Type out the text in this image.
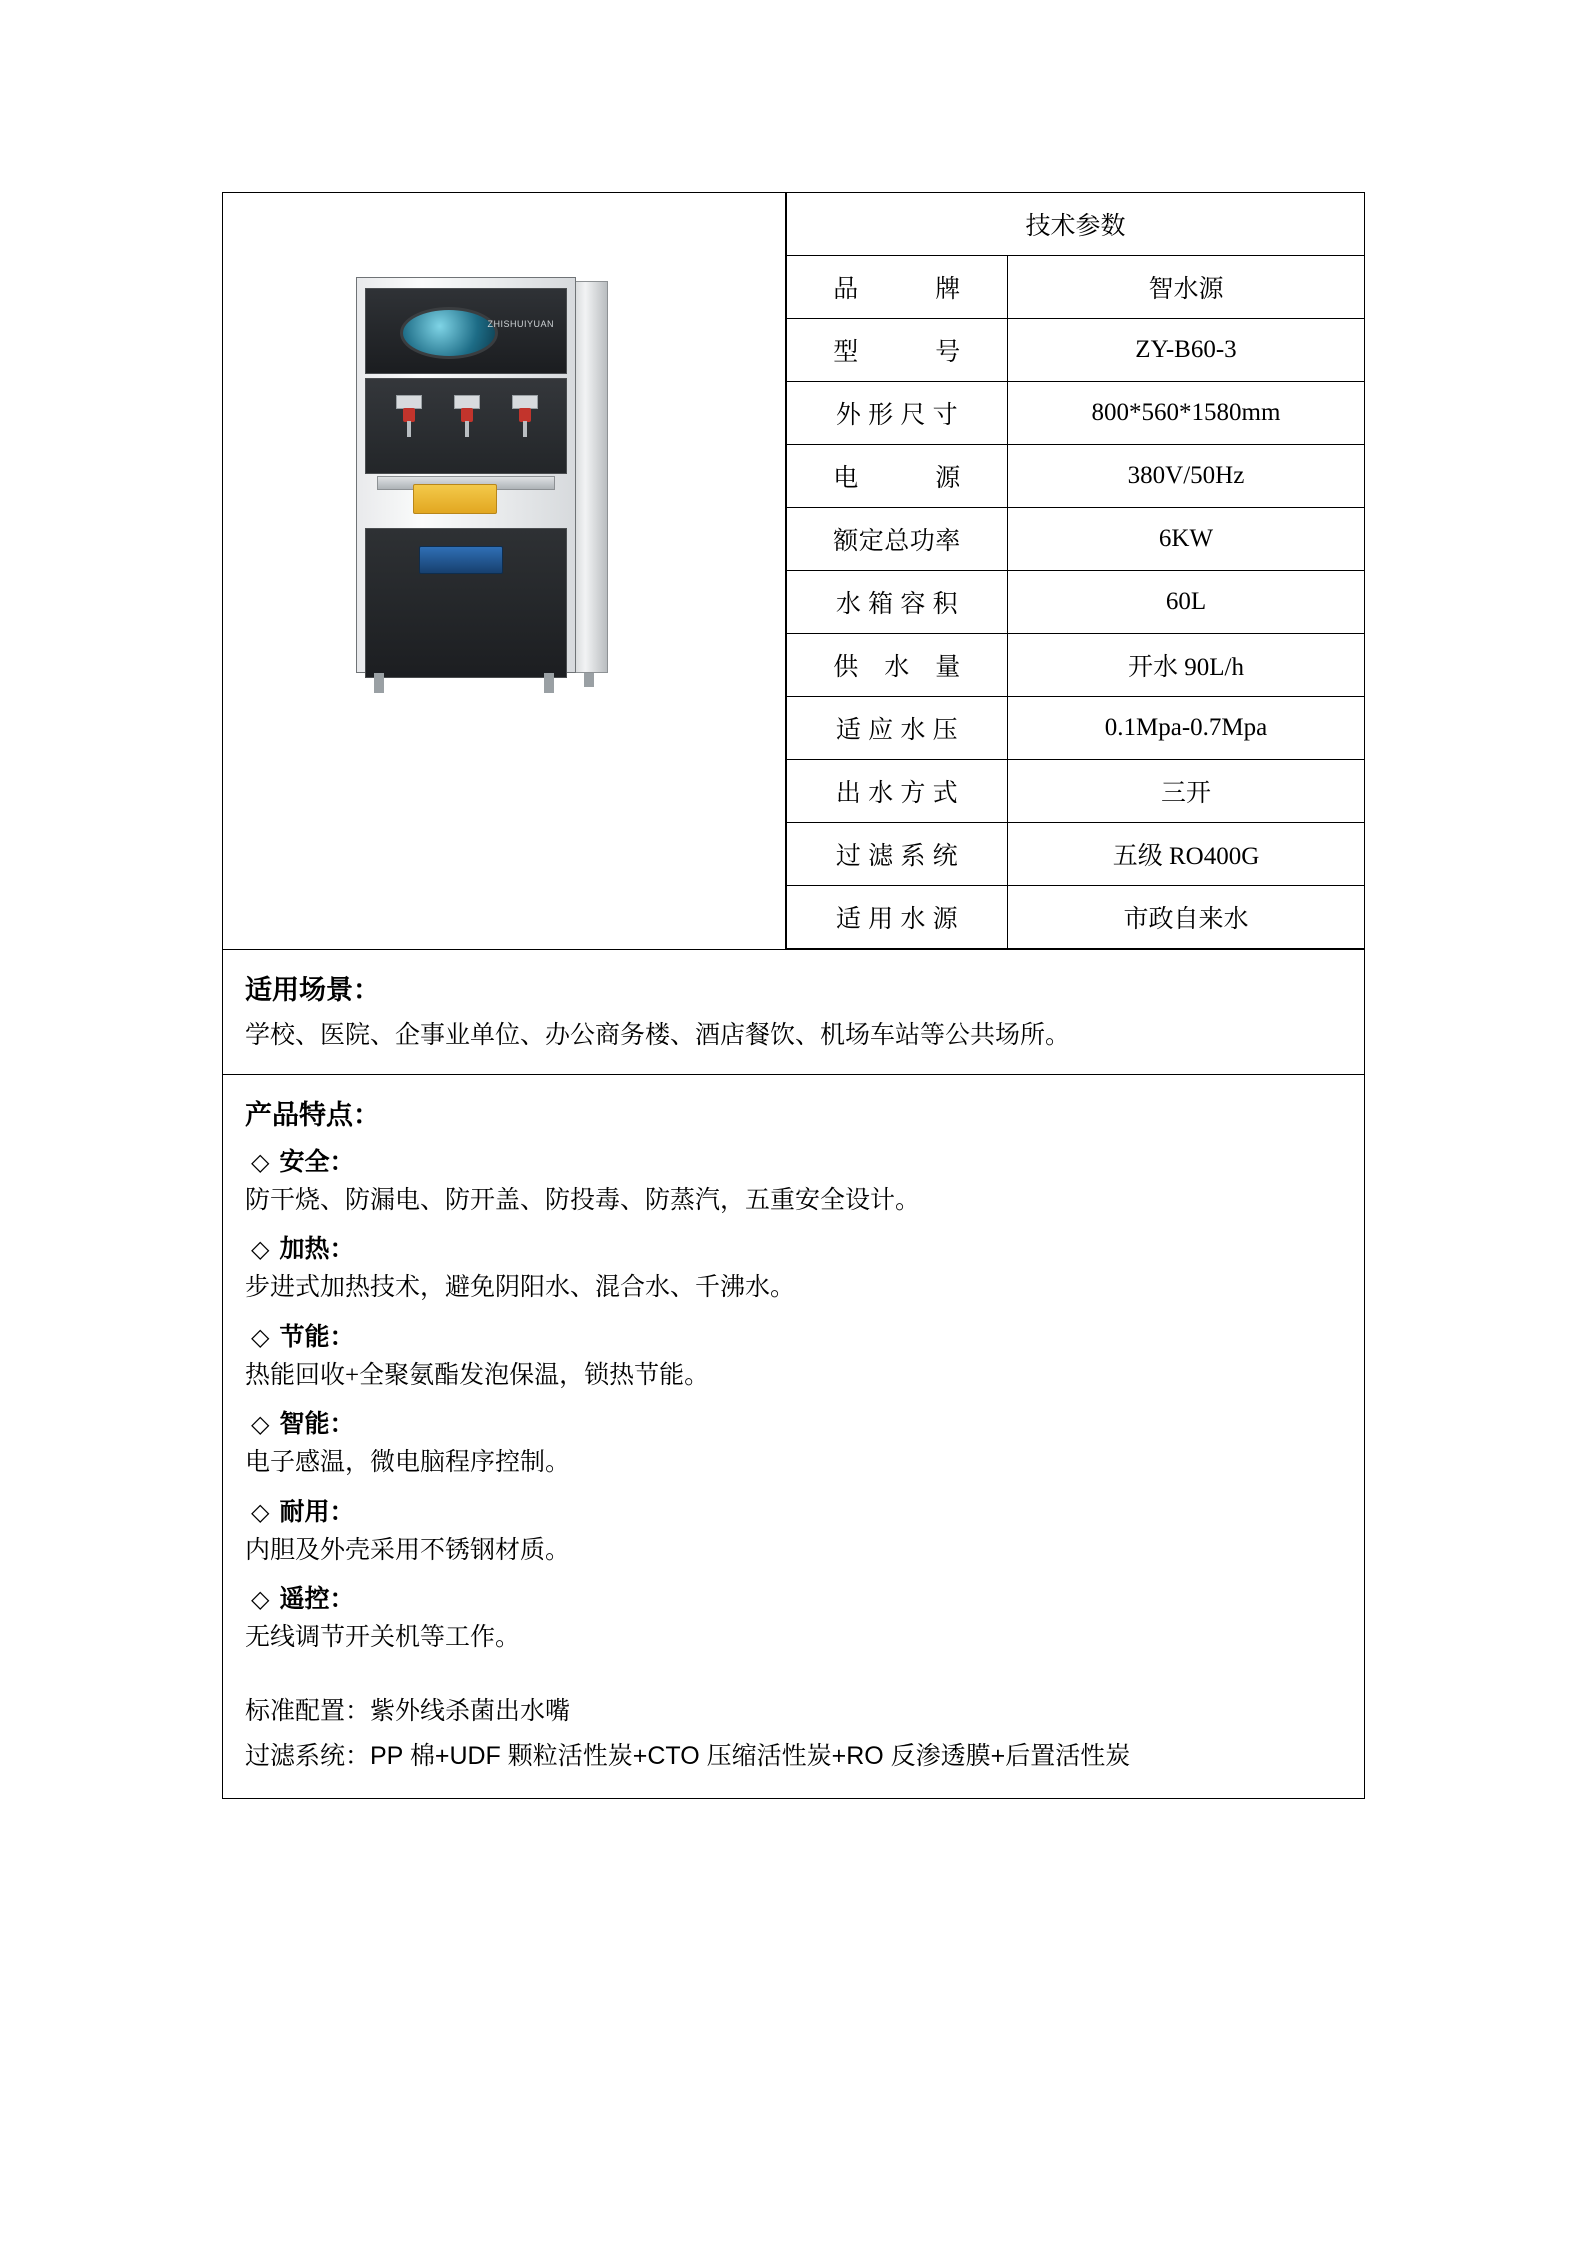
ZHISHUIYUAN
技术参数	
品　　　牌	智水源
型　　　号	ZY-B60-3
外 形 尺 寸	800*560*1580mm
电　　　源	380V/50Hz
额定总功率	6KW
水 箱 容 积	60L
供　水　量	开水 90L/h
适 应 水 压	0.1Mpa-0.7Mpa
出 水 方 式	三开
过 滤 系 统	五级 RO400G
适 用 水 源	市政自来水
适用场景：
学校、医院、企事业单位、办公商务楼、酒店餐饮、机场车站等公共场所。
产品特点：
◇ 安全：
防干烧、防漏电、防开盖、防投毒、防蒸汽，五重安全设计。
◇ 加热：
步进式加热技术，避免阴阳水、混合水、千沸水。
◇ 节能：
热能回收+全聚氨酯发泡保温，锁热节能。
◇ 智能：
电子感温，微电脑程序控制。
◇ 耐用：
内胆及外壳采用不锈钢材质。
◇ 遥控：
无线调节开关机等工作。
标准配置：紫外线杀菌出水嘴
过滤系统：PP 棉+UDF 颗粒活性炭+CTO 压缩活性炭+RO 反渗透膜+后置活性炭
